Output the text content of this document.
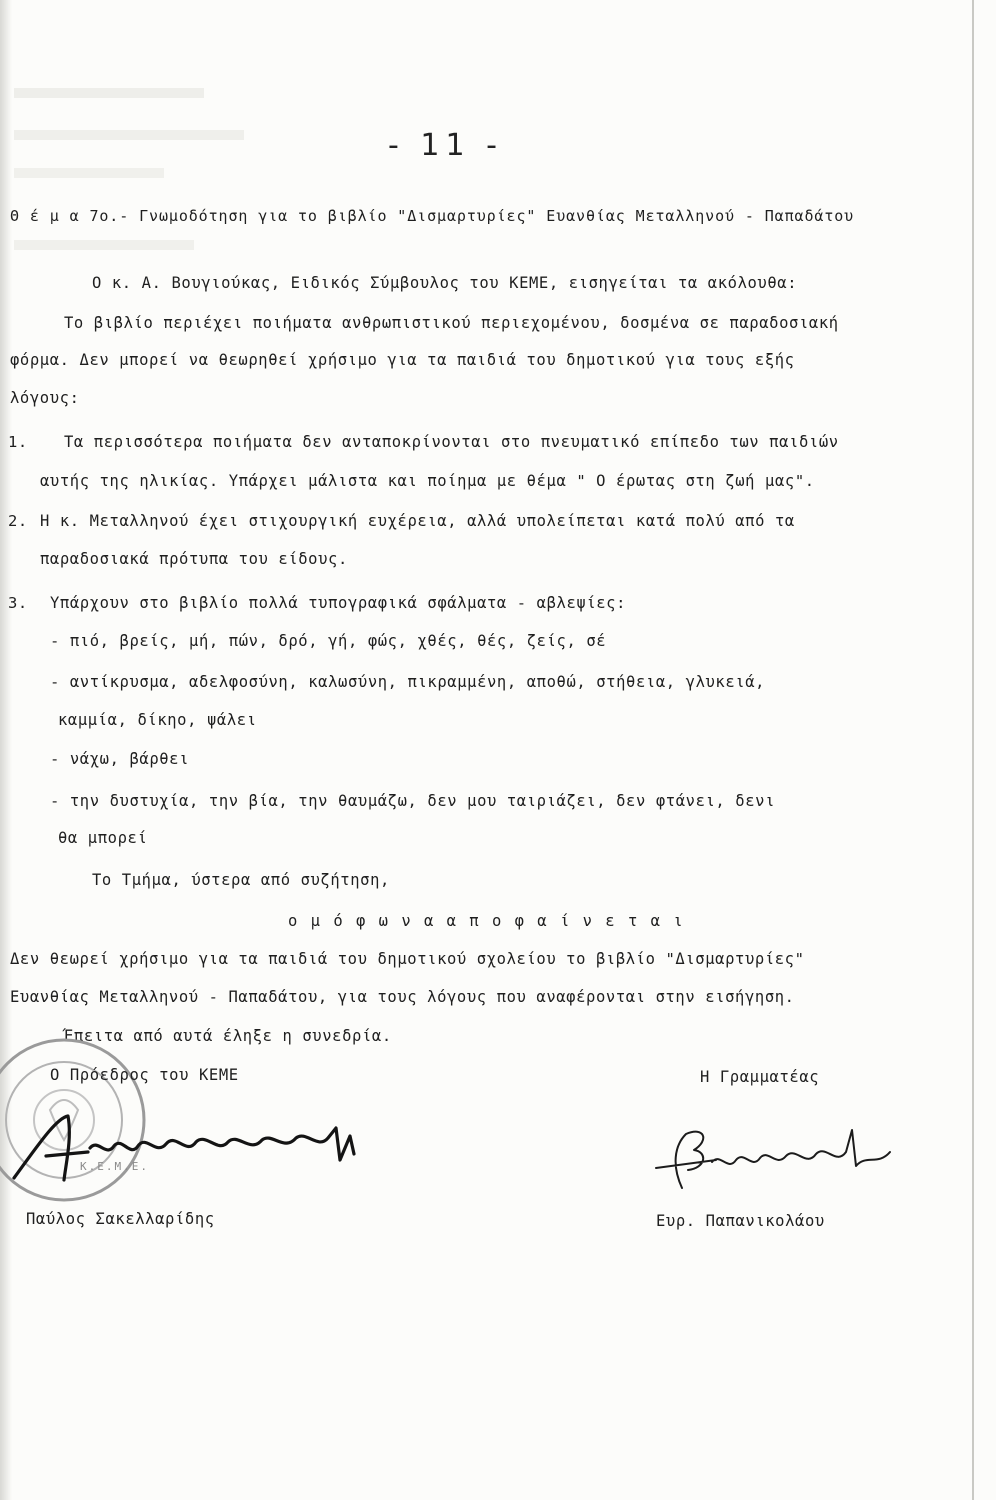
- 11 -
Θ έ μ α 7ο.- Γνωμοδότηση για το βιβλίο "Δισμαρτυρίες" Ευανθίας Μεταλληνού - Παπαδάτου
Ο κ. Α. Βουγιούκας, Ειδικός Σύμβουλος του ΚΕΜΕ, εισηγείται τα ακόλουθα:
Το βιβλίο περιέχει ποιήματα ανθρωπιστικού περιεχομένου, δοσμένα σε παραδοσιακή
φόρμα. Δεν μπορεί να θεωρηθεί χρήσιμο για τα παιδιά του δημοτικού για τους εξής
λόγους:
1. Τα περισσότερα ποιήματα δεν ανταποκρίνονται στο πνευματικό επίπεδο των παιδιών
αυτής της ηλικίας. Υπάρχει μάλιστα και ποίημα με θέμα " Ο έρωτας στη ζωή μας".
2. Η κ. Μεταλληνού έχει στιχουργική ευχέρεια, αλλά υπολείπεται κατά πολύ από τα
παραδοσιακά πρότυπα του είδους.
3. Υπάρχουν στο βιβλίο πολλά τυπογραφικά σφάλματα - αβλεψίες:
- πιό, βρείς, μή, πών, δρό, γή, φώς, χθές, θές, ζείς, σέ
- αντίκρυσμα, αδελφοσύνη, καλωσύνη, πικραμμένη, αποθώ, στήθεια, γλυκειά,
καμμία, δίκηο, ψάλει
- νάχω, βάρθει
- την δυστυχία, την βία, την θαυμάζω, δεν μου ταιριάζει, δεν φτάνει, δενι
θα μπορεί
Το Τμήμα, ύστερα από συζήτηση,
ο μ ό φ ω ν α α π ο φ α ί ν ε τ α ι
Δεν θεωρεί χρήσιμο για τα παιδιά του δημοτικού σχολείου το βιβλίο "Δισμαρτυρίες"
Ευανθίας Μεταλληνού - Παπαδάτου, για τους λόγους που αναφέρονται στην εισήγηση.
Έπειτα από αυτά έληξε η συνεδρία.
Κ.Ε.Μ.Ε.
Ο Πρόεδρος του ΚΕΜΕ	Η Γραμματέας
Παύλος Σακελλαρίδης	Ευρ. Παπανικολάου
